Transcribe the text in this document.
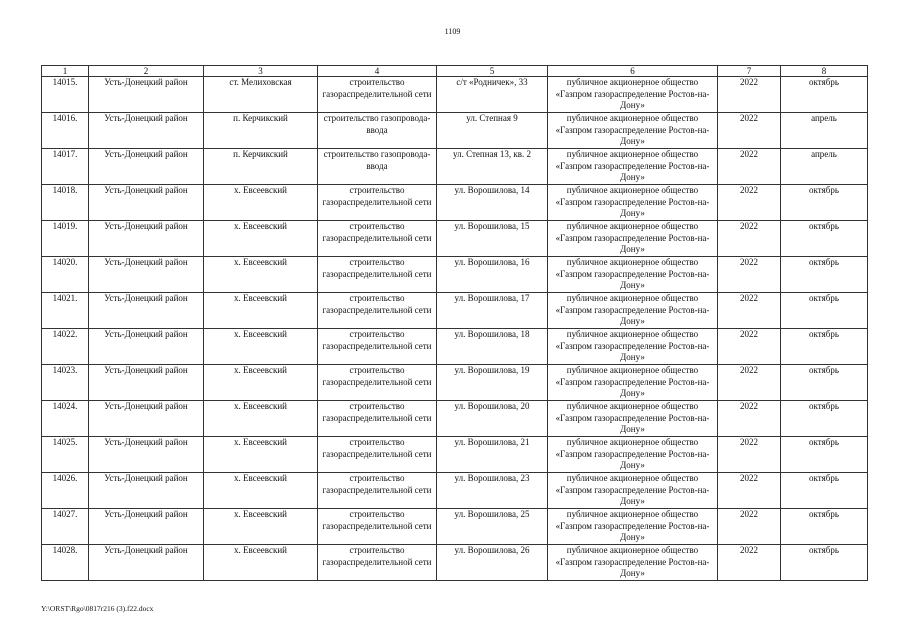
1109
1	2	3	4	5	6	7	8
14015.	Усть-Донецкий район	ст. Мелиховская	строительство газораспределительной сети	с/т «Родничек», 33	публичное акционерное общество «Газпром газораспределение Ростов-на-Дону»	2022	октябрь
14016.	Усть-Донецкий район	п. Керчикский	строительство газопровода-ввода	ул. Степная 9	публичное акционерное общество «Газпром газораспределение Ростов-на-Дону»	2022	апрель
14017.	Усть-Донецкий район	п. Керчикский	строительство газопровода-ввода	ул. Степная 13, кв. 2	публичное акционерное общество «Газпром газораспределение Ростов-на-Дону»	2022	апрель
14018.	Усть-Донецкий район	х. Евсеевский	строительство газораспределительной сети	ул. Ворошилова, 14	публичное акционерное общество «Газпром газораспределение Ростов-на-Дону»	2022	октябрь
14019.	Усть-Донецкий район	х. Евсеевский	строительство газораспределительной сети	ул. Ворошилова, 15	публичное акционерное общество «Газпром газораспределение Ростов-на-Дону»	2022	октябрь
14020.	Усть-Донецкий район	х. Евсеевский	строительство газораспределительной сети	ул. Ворошилова, 16	публичное акционерное общество «Газпром газораспределение Ростов-на-Дону»	2022	октябрь
14021.	Усть-Донецкий район	х. Евсеевский	строительство газораспределительной сети	ул. Ворошилова, 17	публичное акционерное общество «Газпром газораспределение Ростов-на-Дону»	2022	октябрь
14022.	Усть-Донецкий район	х. Евсеевский	строительство газораспределительной сети	ул. Ворошилова, 18	публичное акционерное общество «Газпром газораспределение Ростов-на-Дону»	2022	октябрь
14023.	Усть-Донецкий район	х. Евсеевский	строительство газораспределительной сети	ул. Ворошилова, 19	публичное акционерное общество «Газпром газораспределение Ростов-на-Дону»	2022	октябрь
14024.	Усть-Донецкий район	х. Евсеевский	строительство газораспределительной сети	ул. Ворошилова, 20	публичное акционерное общество «Газпром газораспределение Ростов-на-Дону»	2022	октябрь
14025.	Усть-Донецкий район	х. Евсеевский	строительство газораспределительной сети	ул. Ворошилова, 21	публичное акционерное общество «Газпром газораспределение Ростов-на-Дону»	2022	октябрь
14026.	Усть-Донецкий район	х. Евсеевский	строительство газораспределительной сети	ул. Ворошилова, 23	публичное акционерное общество «Газпром газораспределение Ростов-на-Дону»	2022	октябрь
14027.	Усть-Донецкий район	х. Евсеевский	строительство газораспределительной сети	ул. Ворошилова, 25	публичное акционерное общество «Газпром газораспределение Ростов-на-Дону»	2022	октябрь
14028.	Усть-Донецкий район	х. Евсеевский	строительство газораспределительной сети	ул. Ворошилова, 26	публичное акционерное общество «Газпром газораспределение Ростов-на-Дону»	2022	октябрь
Y:\ORST\Rgo\0817r216 (3).f22.docx
